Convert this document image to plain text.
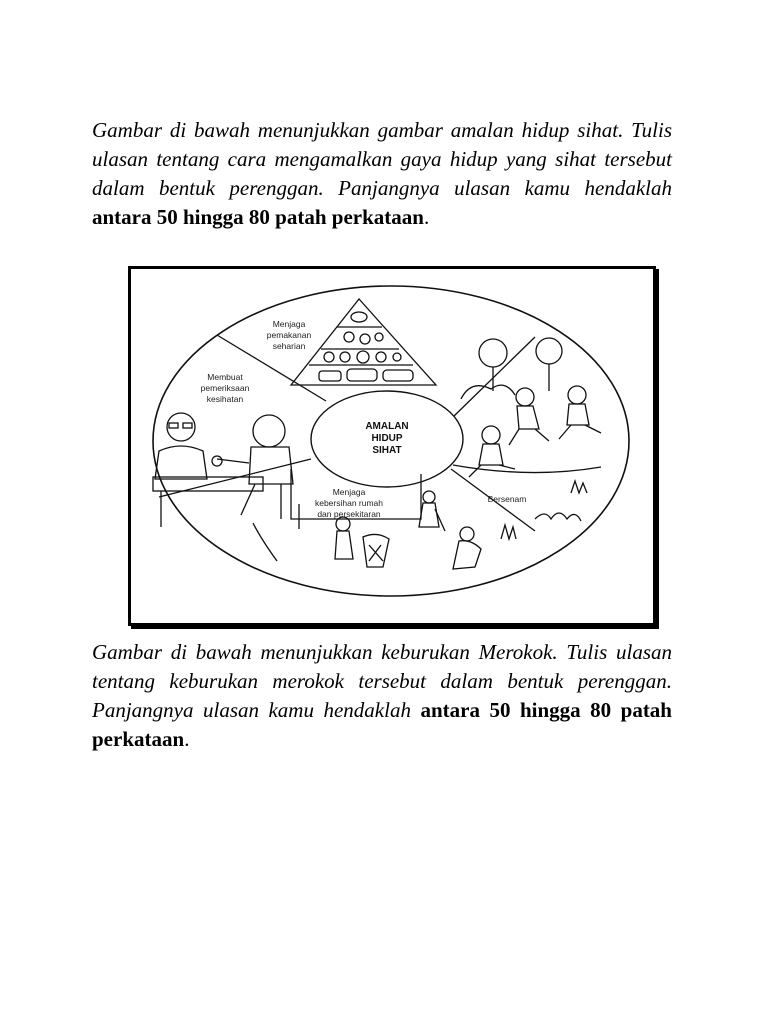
Gambar di bawah menunjukkan gambar amalan hidup sihat. Tulis ulasan tentang cara mengamalkan gaya hidup yang sihat tersebut dalam bentuk perenggan. Panjangnya ulasan kamu hendaklah antara 50 hingga 80 patah perkataan.
AMALAN
HIDUP
SIHAT
Menjaga
pemakanan
seharian
Membuat
pemeriksaan
kesihatan
Menjaga
kebersihan rumah
dan persekitaran
Bersenam
Gambar di bawah menunjukkan keburukan Merokok. Tulis ulasan tentang keburukan merokok tersebut dalam bentuk perenggan. Panjangnya ulasan kamu hendaklah antara 50 hingga 80 patah perkataan.
